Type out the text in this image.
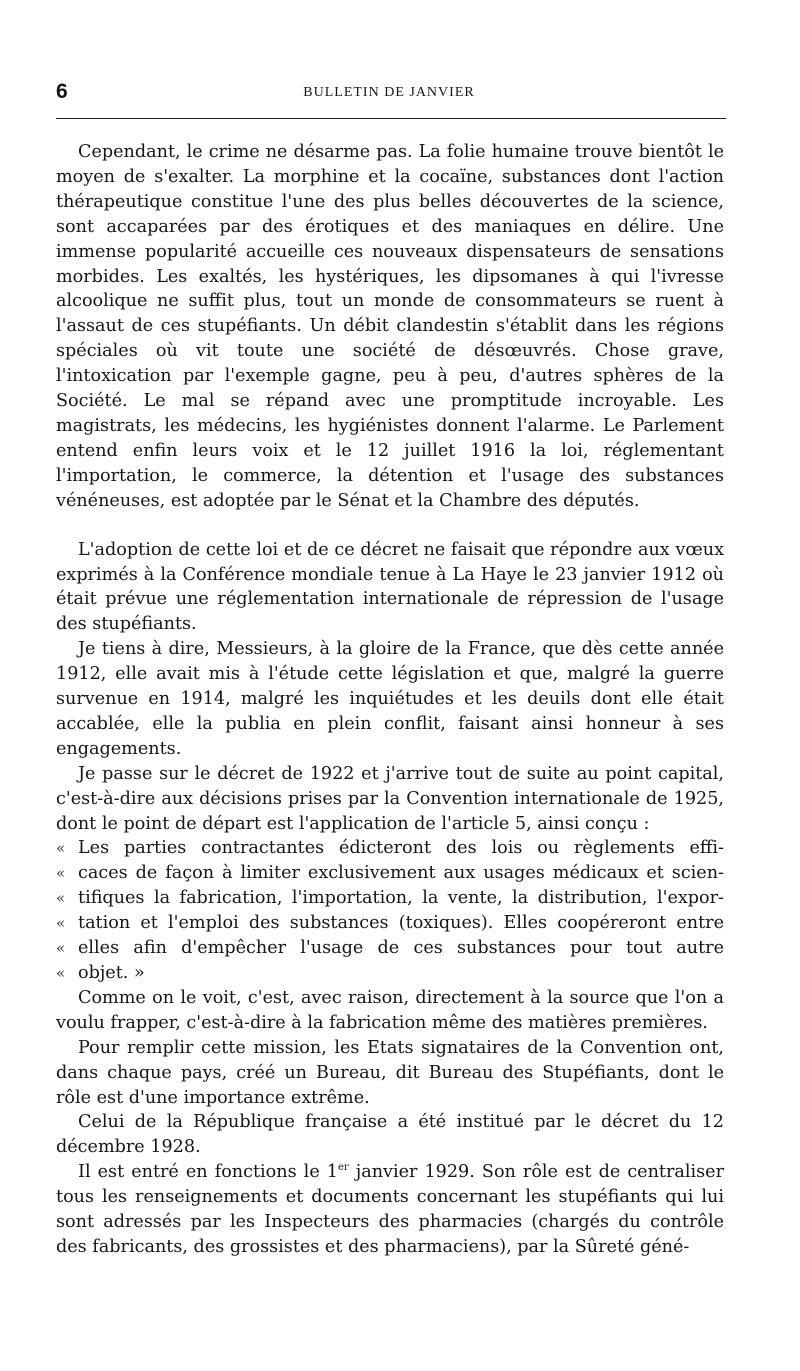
6	BULLETIN DE JANVIER

Cependant, le crime ne désarme pas. La folie humaine trouve bientôt le moyen de s'exalter. La morphine et la cocaïne, substances dont l'action thérapeutique constitue l'une des plus belles découvertes de la science, sont accaparées par des érotiques et des maniaques en délire. Une immense popularité accueille ces nouveaux dispensateurs de sensations morbides. Les exaltés, les hystériques, les dipsomanes à qui l'ivresse alcoolique ne suffit plus, tout un monde de consommateurs se ruent à l'assaut de ces stupéfiants. Un débit clandestin s'établit dans les régions spéciales où vit toute une société de désœuvrés. Chose grave, l'intoxication par l'exemple gagne, peu à peu, d'autres sphères de la Société. Le mal se répand avec une promptitude incroyable. Les magistrats, les médecins, les hygiénistes donnent l'alarme. Le Parlement entend enfin leurs voix et le 12 juillet 1916 la loi, réglementant l'importation, le commerce, la détention et l'usage des substances vénéneuses, est adoptée par le Sénat et la Chambre des députés.

L'adoption de cette loi et de ce décret ne faisait que répondre aux vœux exprimés à la Conférence mondiale tenue à La Haye le 23 janvier 1912 où était prévue une réglementation internationale de répression de l'usage des stupéfiants.

Je tiens à dire, Messieurs, à la gloire de la France, que dès cette année 1912, elle avait mis à l'étude cette législation et que, malgré la guerre survenue en 1914, malgré les inquiétudes et les deuils dont elle était accablée, elle la publia en plein conflit, faisant ainsi honneur à ses engagements.

Je passe sur le décret de 1922 et j'arrive tout de suite au point capital, c'est-à-dire aux décisions prises par la Convention internationale de 1925, dont le point de départ est l'application de l'article 5, ainsi conçu :

« Les parties contractantes édicteront des lois ou règlements effi-
« caces de façon à limiter exclusivement aux usages médicaux et scien-
« tifiques la fabrication, l'importation, la vente, la distribution, l'expor-
« tation et l'emploi des substances (toxiques). Elles coopéreront entre
« elles afin d'empêcher l'usage de ces substances pour tout autre
« objet. »

Comme on le voit, c'est, avec raison, directement à la source que l'on a voulu frapper, c'est-à-dire à la fabrication même des matières premières.

Pour remplir cette mission, les Etats signataires de la Convention ont, dans chaque pays, créé un Bureau, dit Bureau des Stupéfiants, dont le rôle est d'une importance extrême.

Celui de la République française a été institué par le décret du 12 décembre 1928.

Il est entré en fonctions le 1er janvier 1929. Son rôle est de centraliser tous les renseignements et documents concernant les stupéfiants qui lui sont adressés par les Inspecteurs des pharmacies (chargés du contrôle des fabricants, des grossistes et des pharmaciens), par la Sûreté géné-
